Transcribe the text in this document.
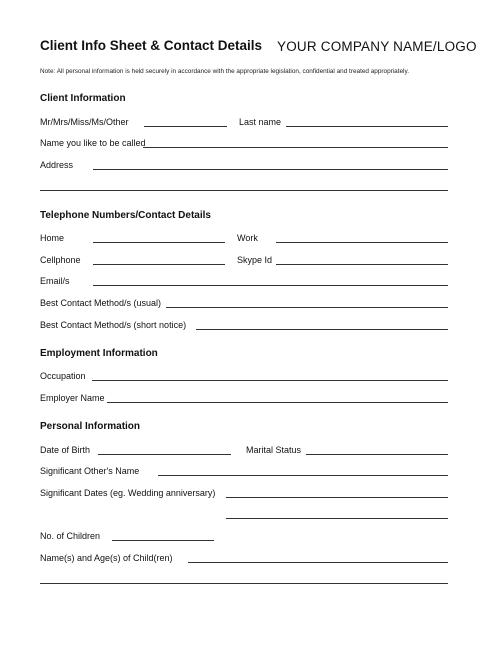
Client Info Sheet & Contact Details YOUR COMPANY NAME/LOGO
Note: All personal information is held securely in accordance with the appropriate legislation, confidential and treated appropriately.
Client Information
Mr/Mrs/Miss/Ms/Other	Last name
Name you like to be called
Address
Telephone Numbers/Contact Details
Home	Work
Cellphone	Skype Id
Email/s
Best Contact Method/s (usual)
Best Contact Method/s (short notice)
Employment Information
Occupation
Employer Name
Personal Information
Date of Birth	Marital Status
Significant Other's Name
Significant Dates (eg. Wedding anniversary)
No. of Children
Name(s) and Age(s) of Child(ren)
